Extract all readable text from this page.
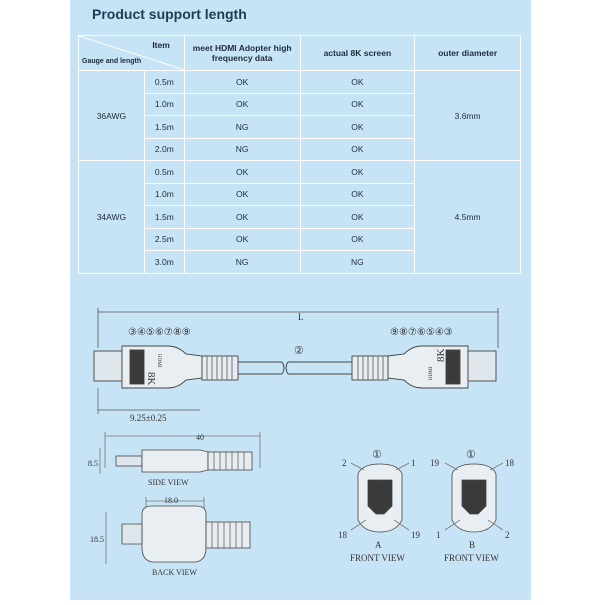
Product support length
Item
Gauge and length		meet HDMI Adopter high frequency data	actual 8K screen	outer diameter
36AWG	0.5m	OK	OK	3.6mm
	1.0m	OK	OK	
	1.5m	NG	OK	
	2.0m	NG	OK	
34AWG	0.5m	OK	OK	4.5mm
	1.0m	OK	OK	
	1.5m	OK	OK	
	2.5m	OK	OK	
	3.0m	NG	NG	
L
③④⑤⑥⑦⑧⑨	⑨⑧⑦⑥⑤④③
8K
HDMI
②	8K
HDMI
9.25±0.25
40
8.5
SIDE VIEW
18.0
18.5
BACK VIEW
①
2	1
18	19
A
FRONT VIEW
①
19	18
1	2
B
FRONT VIEW
